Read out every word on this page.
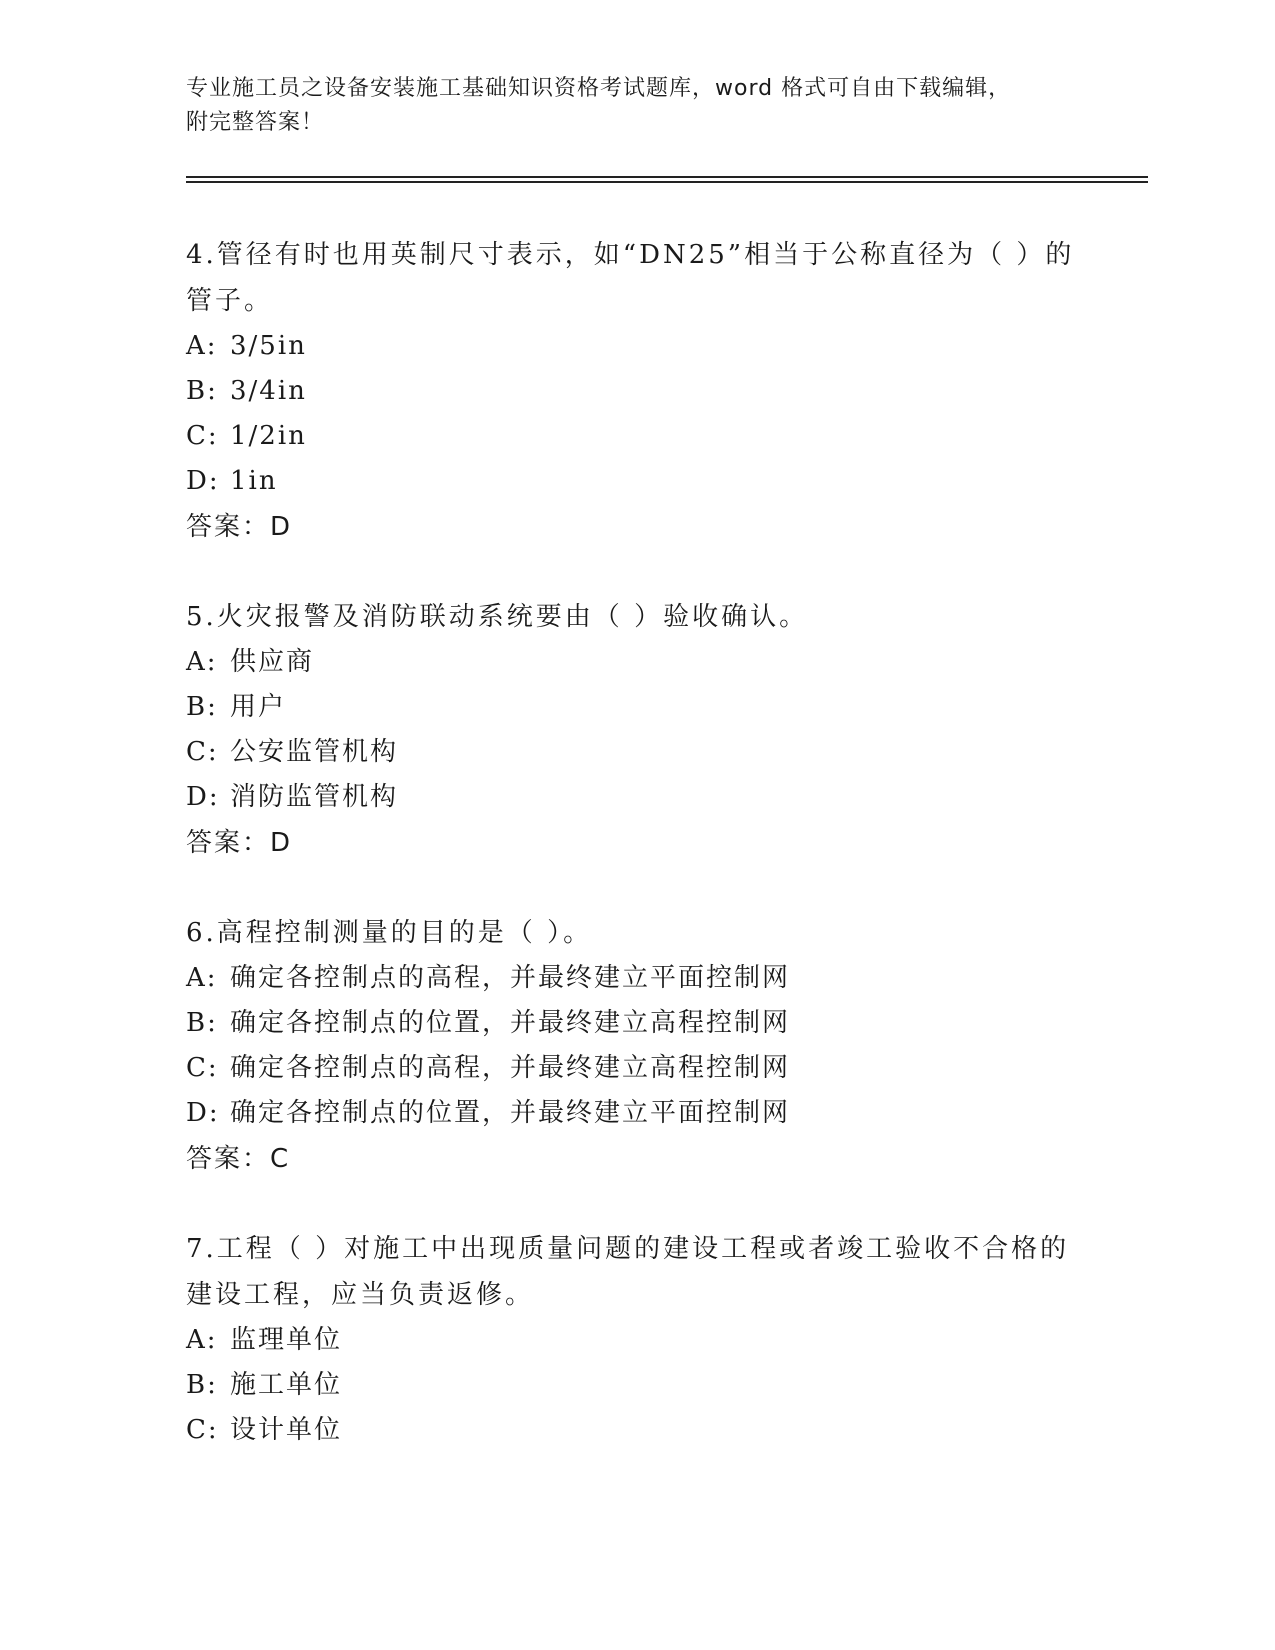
专业施工员之设备安装施工基础知识资格考试题库，word 格式可自由下载编辑，
附完整答案！

4.管径有时也用英制尺寸表示，如“DN25”相当于公称直径为（ ）的
管子。

A: 3/5in

B: 3/4in

C: 1/2in

D: 1in

答案：D

5.火灾报警及消防联动系统要由（ ）验收确认。

A: 供应商

B: 用户

C: 公安监管机构

D: 消防监管机构

答案：D

6.高程控制测量的目的是（ ）。

A: 确定各控制点的高程，并最终建立平面控制网

B: 确定各控制点的位置，并最终建立高程控制网

C: 确定各控制点的高程，并最终建立高程控制网

D: 确定各控制点的位置，并最终建立平面控制网

答案：C

7.工程（ ）对施工中出现质量问题的建设工程或者竣工验收不合格的
建设工程，应当负责返修。

A: 监理单位

B: 施工单位

C: 设计单位
